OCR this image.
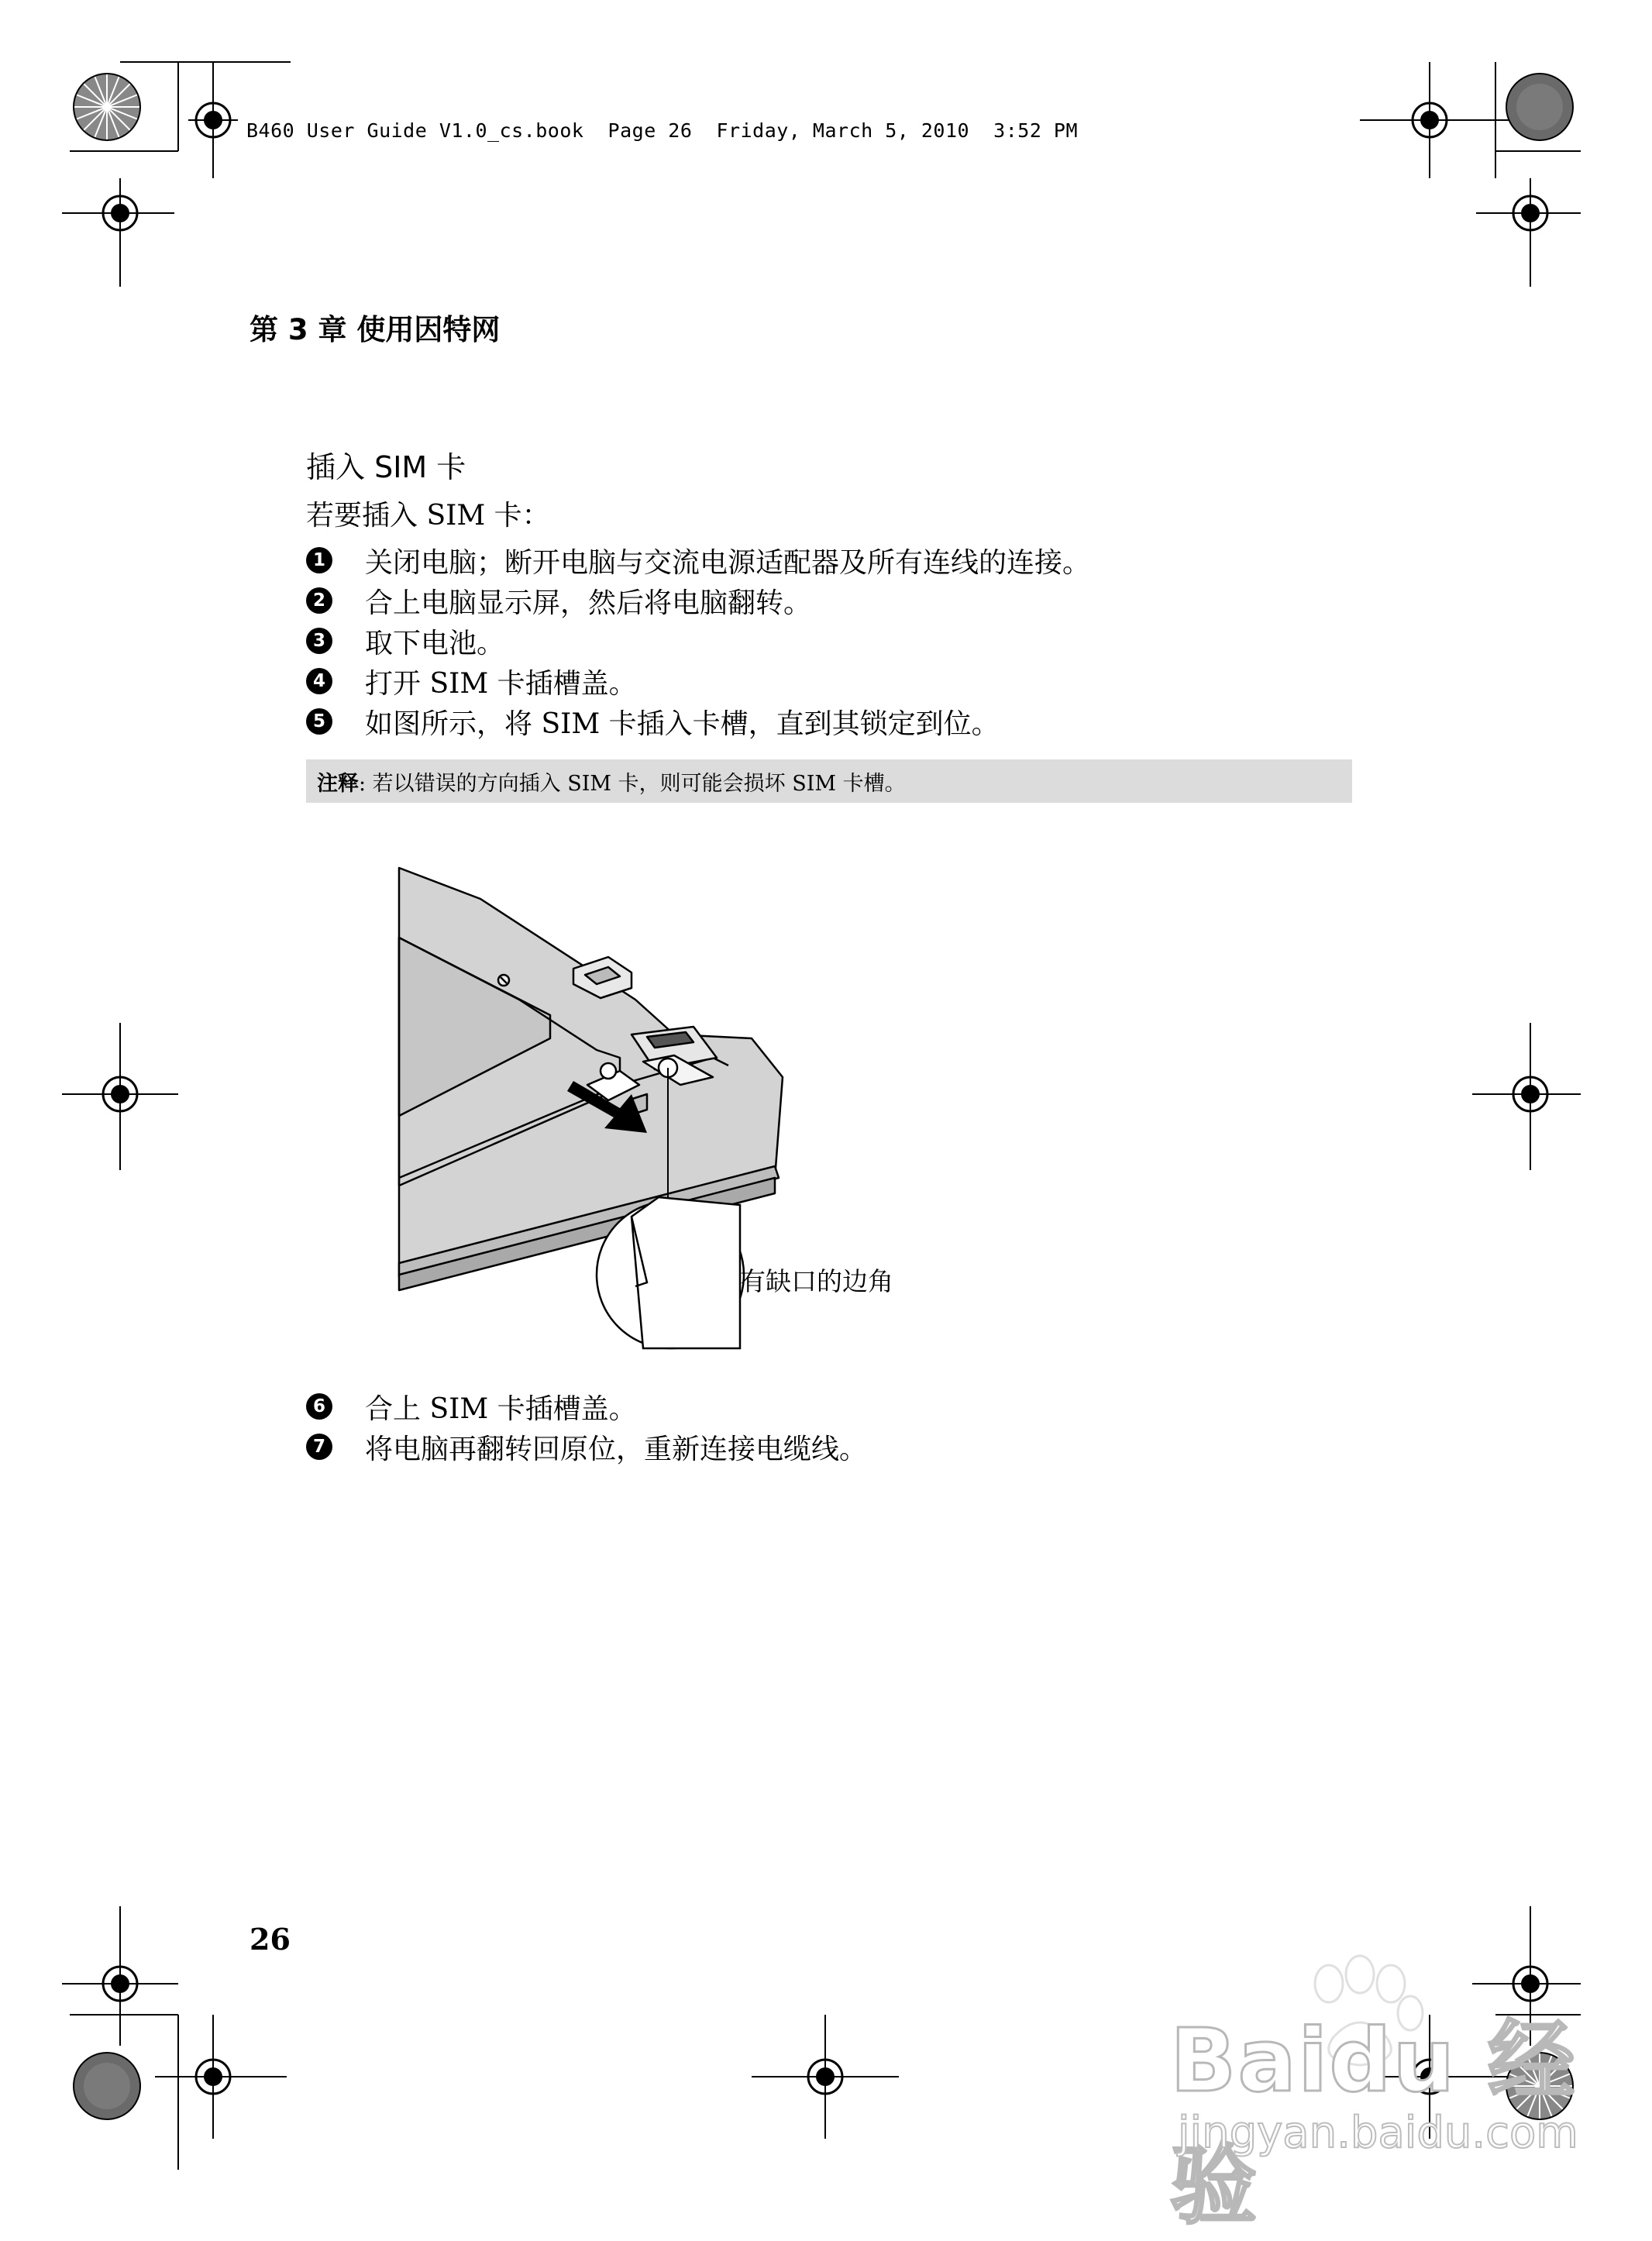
B460 User Guide V1.0_cs.book  Page 26  Friday, March 5, 2010  3:52 PM
第 3 章 使用因特网
插入 SIM 卡
若要插入 SIM 卡：
1 关闭电脑；断开电脑与交流电源适配器及所有连线的连接。
2 合上电脑显示屏，然后将电脑翻转。
3 取下电池。
4 打开 SIM 卡插槽盖。
5 如图所示，将 SIM 卡插入卡槽，直到其锁定到位。
注释 : 若以错误的方向插入 SIM 卡，则可能会损坏 SIM 卡槽。
有缺口的边角
6 合上 SIM 卡插槽盖。
7 将电脑再翻转回原位，重新连接电缆线。
26
Baidu 经验
jingyan.baidu.com
